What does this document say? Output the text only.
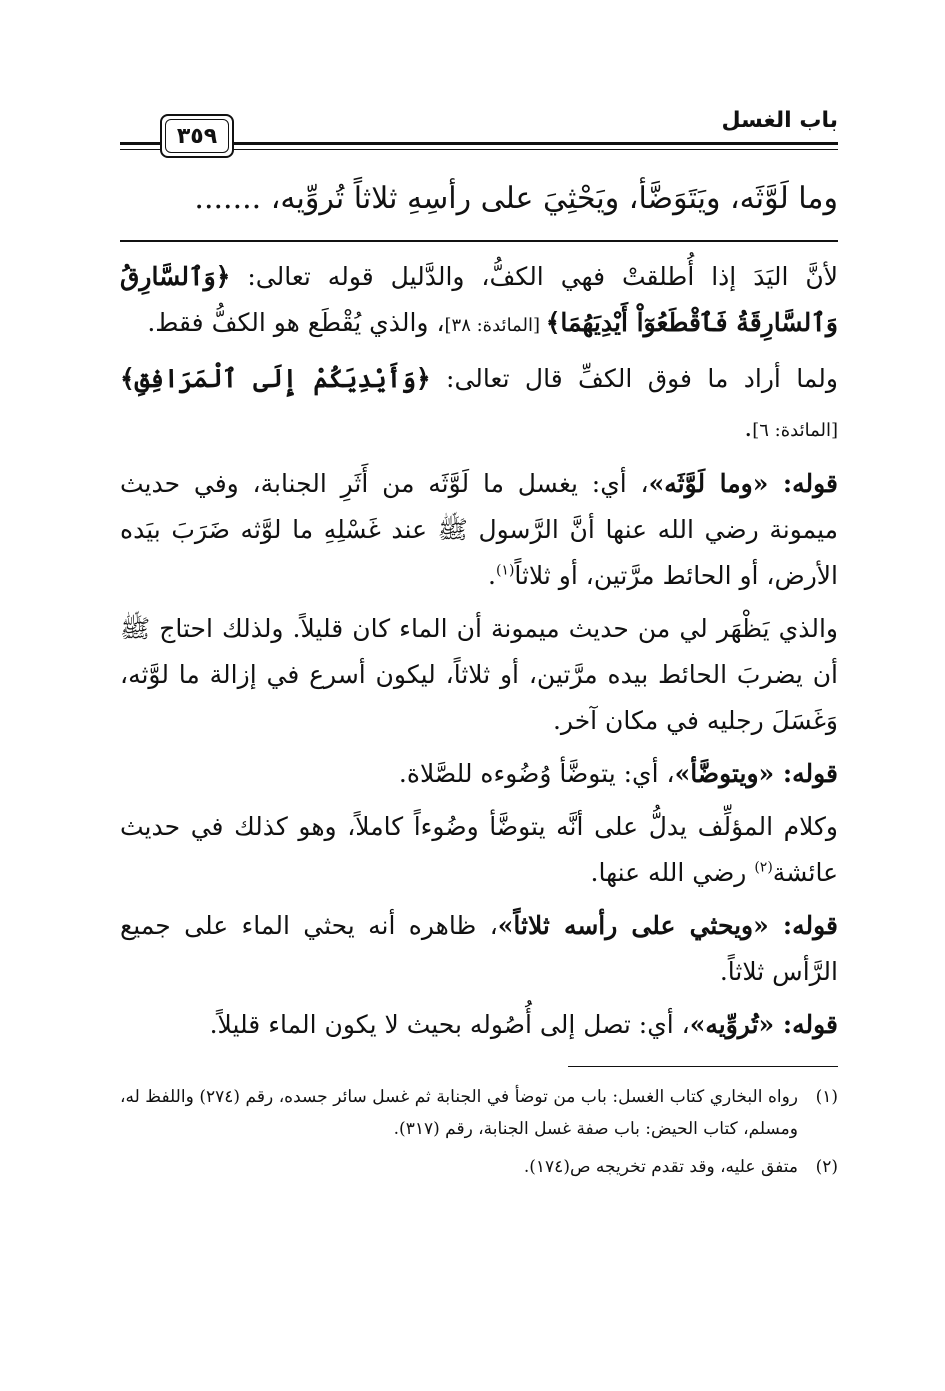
باب الغسل
٣٥٩
وما لَوَّثَه، ويَتَوَضَّأ، ويَحْثِيَ على رأسِهِ ثلاثاً تُروِّيه، .......

لأنَّ اليَدَ إذا أُطلقتْ فهي الكفُّ، والدَّليل قوله تعالى: ﴿وَٱلسَّارِقُ وَٱلسَّارِقَةُ فَٱقْطَعُوٓاْ أَيْدِيَهُمَا﴾ [المائدة: ٣٨]، والذي يُقْطَع هو الكفُّ فقط.

ولما أراد ما فوق الكفِّ قال تعالى: ﴿وَأَيْدِيَكُمْ إِلَى ٱلْمَرَافِقِ﴾ [المائدة: ٦].

قوله: «وما لَوَّثَه»، أي: يغسل ما لَوَّثَه من أَثَرِ الجنابة، وفي حديث ميمونة رضي الله عنها أنَّ الرَّسول ﷺ عند غَسْلِهِ ما لوَّثه ضَرَبَ بيَده الأرض، أو الحائط مرَّتين، أو ثلاثاً$^{(١)}$.

والذي يَظْهَر لي من حديث ميمونة أن الماء كان قليلاً. ولذلك احتاج ﷺ أن يضربَ الحائط بيده مرَّتين، أو ثلاثاً، ليكون أسرع في إزالة ما لوَّثه، وَغَسَلَ رجليه في مكان آخر.

قوله: «ويتوضَّأ»، أي: يتوضَّأ وُضُوءه للصَّلاة.

وكلام المؤلِّف يدلُّ على أنَّه يتوضَّأ وضُوءاً كاملاً، وهو كذلك في حديث عائشة$^{(٢)}$ رضي الله عنها.

قوله: «ويحثي على رأسه ثلاثاً»، ظاهره أنه يحثي الماء على جميع الرَّأس ثلاثاً.

قوله: «تُروِّيه»، أي: تصل إلى أُصُوله بحيث لا يكون الماء قليلاً.

(١)
رواه البخاري كتاب الغسل: باب من توضأ في الجنابة ثم غسل سائر جسده، رقم (٢٧٤) واللفظ له، ومسلم، كتاب الحيض: باب صفة غسل الجنابة، رقم (٣١٧).
(٢)
متفق عليه، وقد تقدم تخريجه ص(١٧٤).
